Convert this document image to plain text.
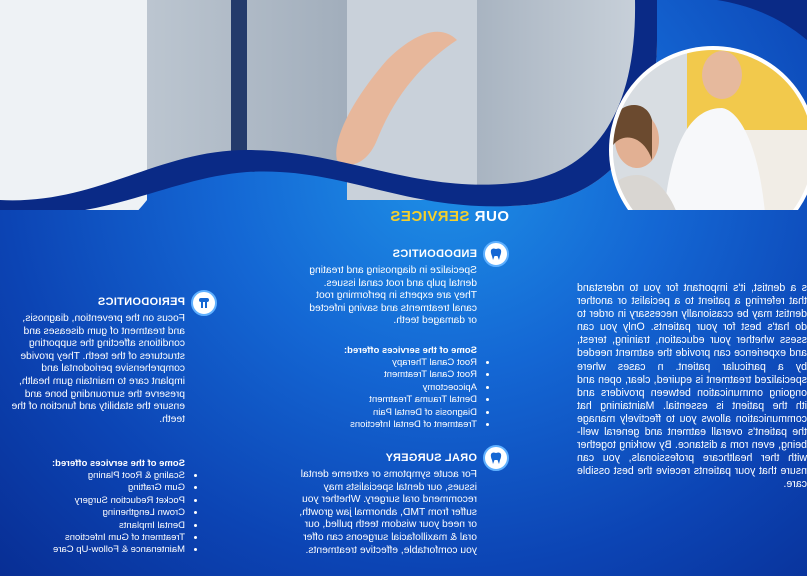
OUR SERVICES
ENDODONTICS

Specialize in diagnosing and treating dental pulp and root canal issues. They are experts in performing root canal treatments and saving infected or damaged teeth.

Some of the services offered:
• Root Canal Therapy
• Root Canal Treatment
• Apicoectomy
• Dental Trauma Treatment
• Diagnosis of Dental Pain
• Treatment of Dental Infections
ORAL SURGERY

For acute symptoms or extreme dental issues, our dental specialists may recommend oral surgery. Whether you suffer from TMD, abnormal jaw growth, or need your wisdom teeth pulled, our oral & maxillofacial surgeons can offer you comfortable, effective treatments.

PERIODONTICS

Focus on the prevention, diagnosis, and treatment of gum diseases and conditions affecting the supporting structures of the teeth. They provide comprehensive periodontal and implant care to maintain gum health, preserve the surrounding bone and ensure the stability and function of the teeth.

Some of the services offered:
• Scaling & Root Planing
• Gum Grafting
• Pocket Reduction Surgery
• Crown Lengthening
• Dental Implants
• Treatment of Gum Infections
• Maintenance & Follow-Up Care

s a dentist, it's important for you to nderstand that referring a patient to a pecialist or another dentist may be ccasionally necessary in order to do hat's best for your patients. Only you can ssess whether your education, training, terest, and experience can provide the eatment needed by a particular patient. n cases where specialized treatment is equired, clear, open and ongoing ommunication between providers and ith the patient is essential. Maintaining hat communication allows you to ffectively manage the patient's overall eatment and general well-being, even rom a distance. By working together with ther healthcare professionals, you can nsure that your patients receive the best ossible care.
